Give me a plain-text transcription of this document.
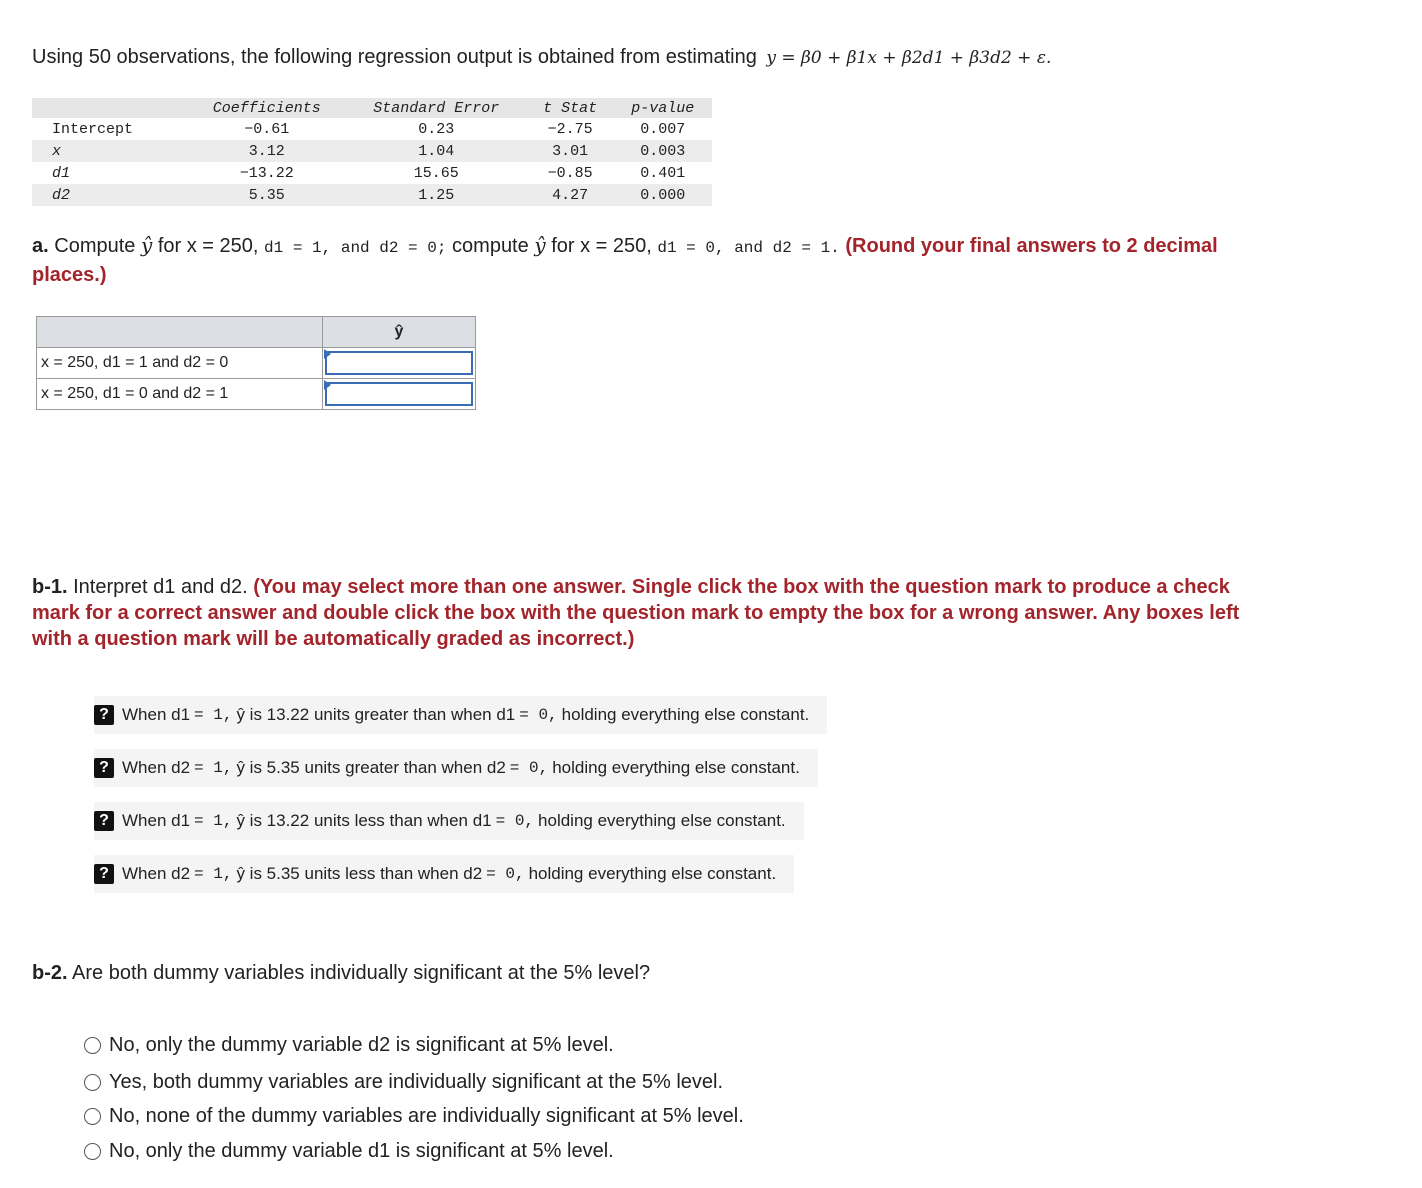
Using 50 observations, the following regression output is obtained from estimating y = β0 + β1x + β2d1 + β3d2 + ε.
	Coefficients	Standard Error	t Stat	p-value
Intercept	−0.61	0.23	−2.75	0.007
x	3.12	1.04	3.01	0.003
d1	−13.22	15.65	−0.85	0.401
d2	5.35	1.25	4.27	0.000
a. Compute ŷ for x = 250, d1 = 1, and d2 = 0; compute ŷ for x = 250, d1 = 0, and d2 = 1. (Round your final answers to 2 decimal places.)
	ŷ
x = 250, d1 = 1 and d2 = 0	

x = 250, d1 = 0 and d2 = 1	
b-1. Interpret d1 and d2. (You may select more than one answer. Single click the box with the question mark to produce a check mark for a correct answer and double click the box with the question mark to empty the box for a wrong answer. Any boxes left with a question mark will be automatically graded as incorrect.)
? When d1 = 1, ŷ is 13.22 units greater than when d1 = 0, holding everything else constant.
? When d2 = 1, ŷ is 5.35 units greater than when d2 = 0, holding everything else constant.
? When d1 = 1, ŷ is 13.22 units less than when d1 = 0, holding everything else constant.
? When d2 = 1, ŷ is 5.35 units less than when d2 = 0, holding everything else constant.
b-2. Are both dummy variables individually significant at the 5% level?
No, only the dummy variable d2 is significant at 5% level.
Yes, both dummy variables are individually significant at the 5% level.
No, none of the dummy variables are individually significant at 5% level.
No, only the dummy variable d1 is significant at 5% level.
